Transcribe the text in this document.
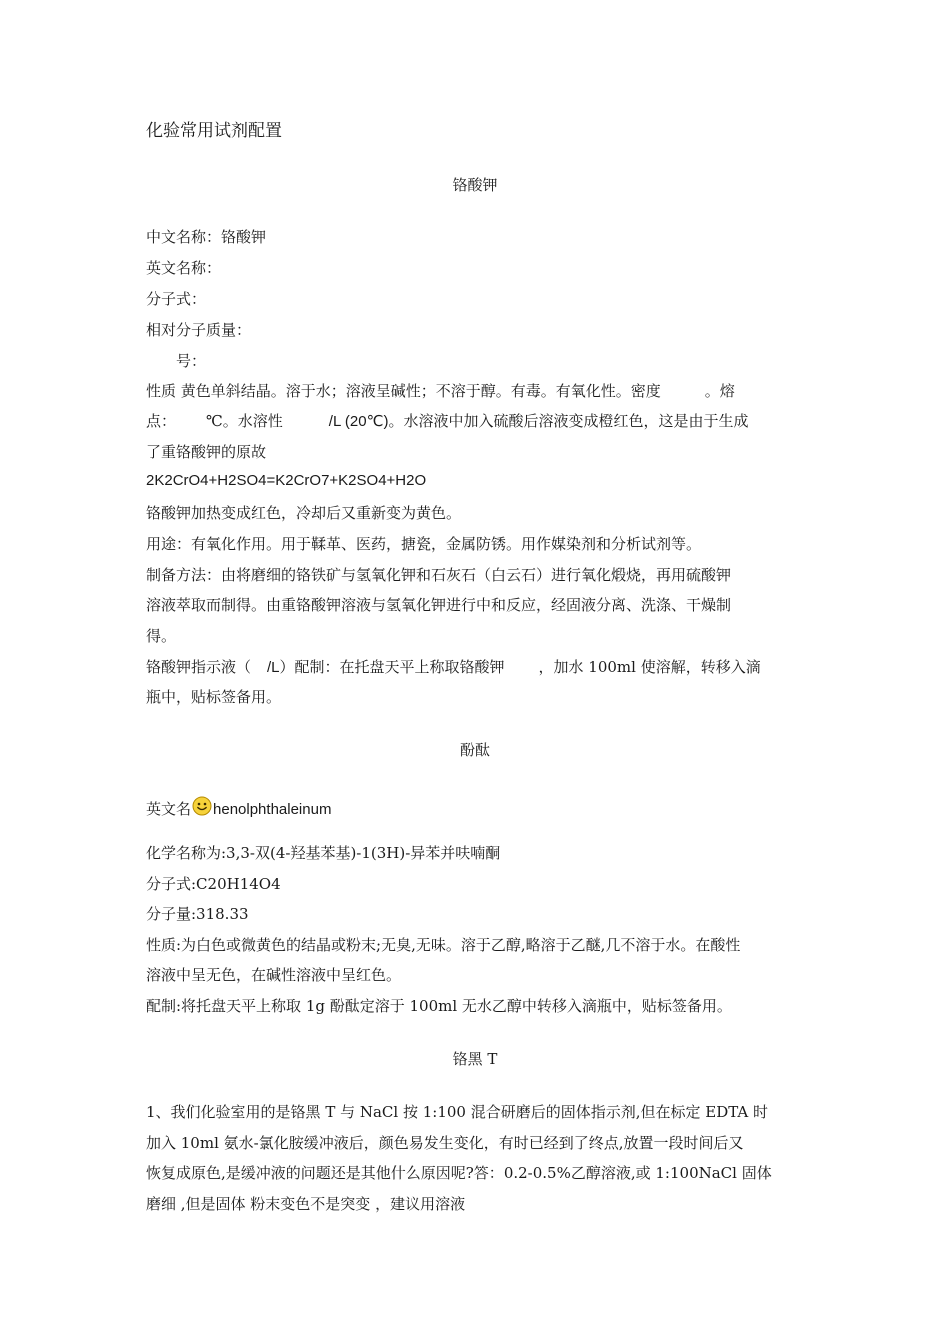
化验常用试剂配置
铬酸钾
中文名称：铬酸钾
英文名称：
分子式：
相对分子质量：
号：
性质 黄色单斜结晶。溶于水；溶液呈碱性；不溶于醇。有毒。有氧化性。密度	。熔
点： ℃。水溶性	/L (20℃)。水溶液中加入硫酸后溶液变成橙红色，这是由于生成
了重铬酸钾的原故
2K2CrO4+H2SO4=K2CrO7+K2SO4+H2O
铬酸钾加热变成红色，冷却后又重新变为黄色。
用途：有氧化作用。用于鞣革、医药，搪瓷，金属防锈。用作媒染剂和分析试剂等。
制备方法：由将磨细的铬铁矿与氢氧化钾和石灰石（白云石）进行氧化煅烧，再用硫酸钾
溶液萃取而制得。由重铬酸钾溶液与氢氧化钾进行中和反应，经固液分离、洗涤、干燥制
得。
铬酸钾指示液（ /L）配制：在托盘天平上称取铬酸钾 ，加水 100ml 使溶解，转移入滴
瓶中，贴标签备用。
酚酞
英文名 henolphthaleinum
化学名称为:3,3-双(4-羟基苯基)-1(3H)-异苯并呋喃酮
分子式:C20H14O4
分子量:318.33
性质:为白色或微黄色的结晶或粉末;无臭,无味。溶于乙醇,略溶于乙醚,几不溶于水。在酸性
溶液中呈无色，在碱性溶液中呈红色。
配制:将托盘天平上称取 1g 酚酞定溶于 100ml 无水乙醇中转移入滴瓶中，贴标签备用。
铬黑 T
1、我们化验室用的是铬黑 T 与 NaCl 按 1:100 混合研磨后的固体指示剂,但在标定 EDTA 时
加入 10ml 氨水-氯化胺缓冲液后，颜色易发生变化，有时已经到了终点,放置一段时间后又
恢复成原色,是缓冲液的问题还是其他什么原因呢?答：0.2-0.5%乙醇溶液,或 1:100NaCl 固体
磨细 ,但是固体 粉末变色不是突变 ，建议用溶液
